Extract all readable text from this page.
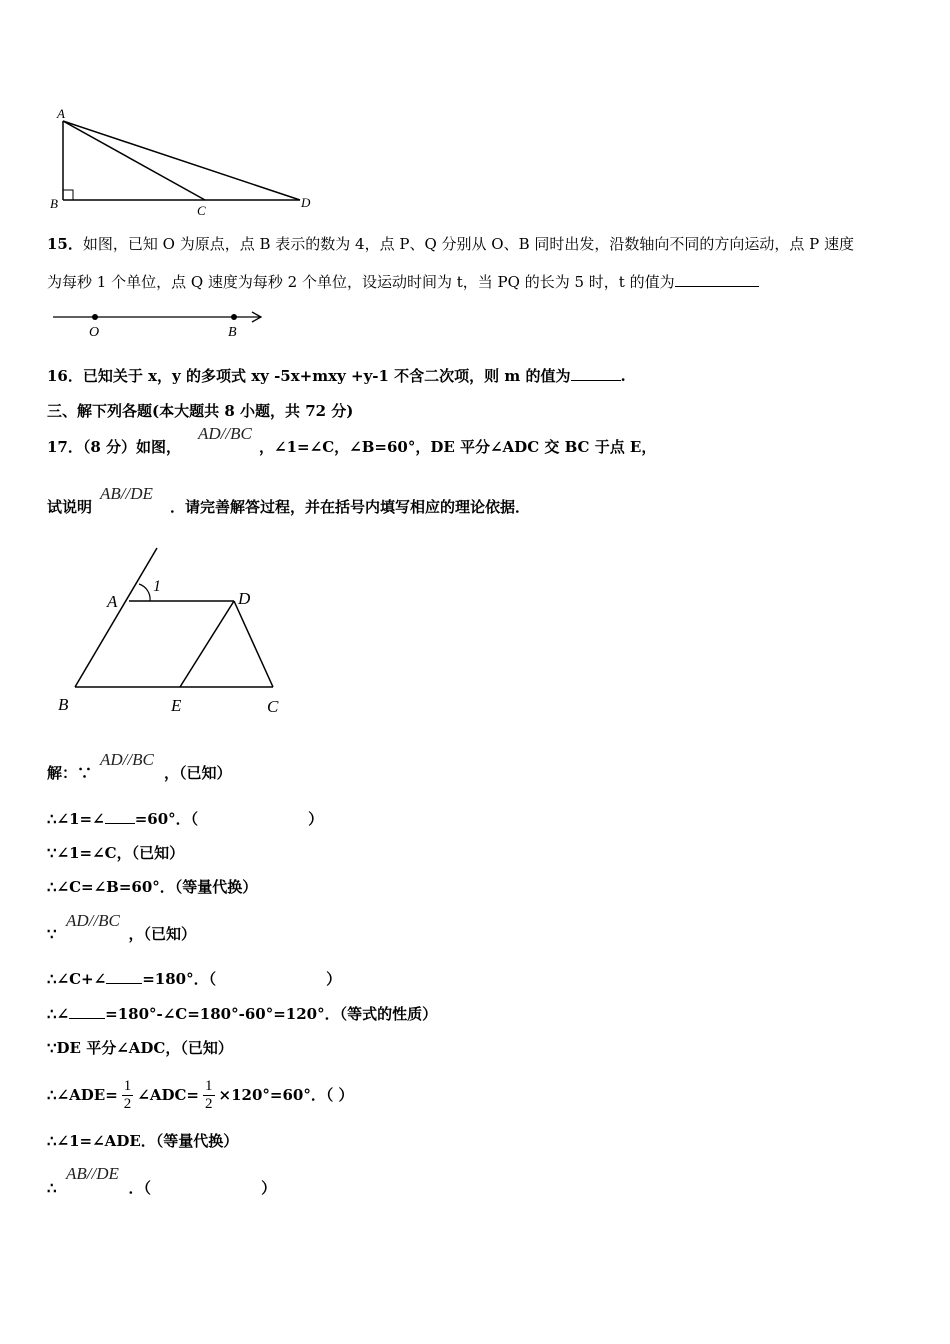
A
B	C
D
15．如图，已知 O 为原点，点 B 表示的数为 4，点 P、Q 分别从 O、B 同时出发，沿数轴向不同的方向运动，点 P 速度
为每秒 1 个单位，点 Q 速度为每秒 2 个单位，设运动时间为 t，当 PQ 的长为 5 时，t 的值为
O	B
16．已知关于 x，y 的多项式 xy -5x+mxy +y-1 不含二次项，则 m 的值为	.
三、解下列各题(本大题共 8 小题，共 72 分)
AD//BC
17．（8 分）如图，	，∠1=∠C，∠B=60°，DE 平分∠ADC 交 BC 于点 E，
AB//DE
试说明	．请完善解答过程，并在括号内填写相应的理论依据．
A	D
B	E	C
1
AD//BC
解：∵	，（已知）
∴∠1=∠ =60°．（	）
∵∠1=∠C，（已知）
∴∠C=∠B=60°．（等量代换）
AD//BC
∵	，（已知）
∴∠C+∠ =180°．（	）
∴∠ =180°-∠C=180°-60°=120°．（等式的性质）
∵DE 平分∠ADC，（已知）
∴∠ADE= $\frac{1}{2}$ ∠ADC= $\frac{1}{2} \times 120^\circ=60^\circ$．（ ）
∴∠1=∠ADE．（等量代换）
AB//DE
∴	．（	）
